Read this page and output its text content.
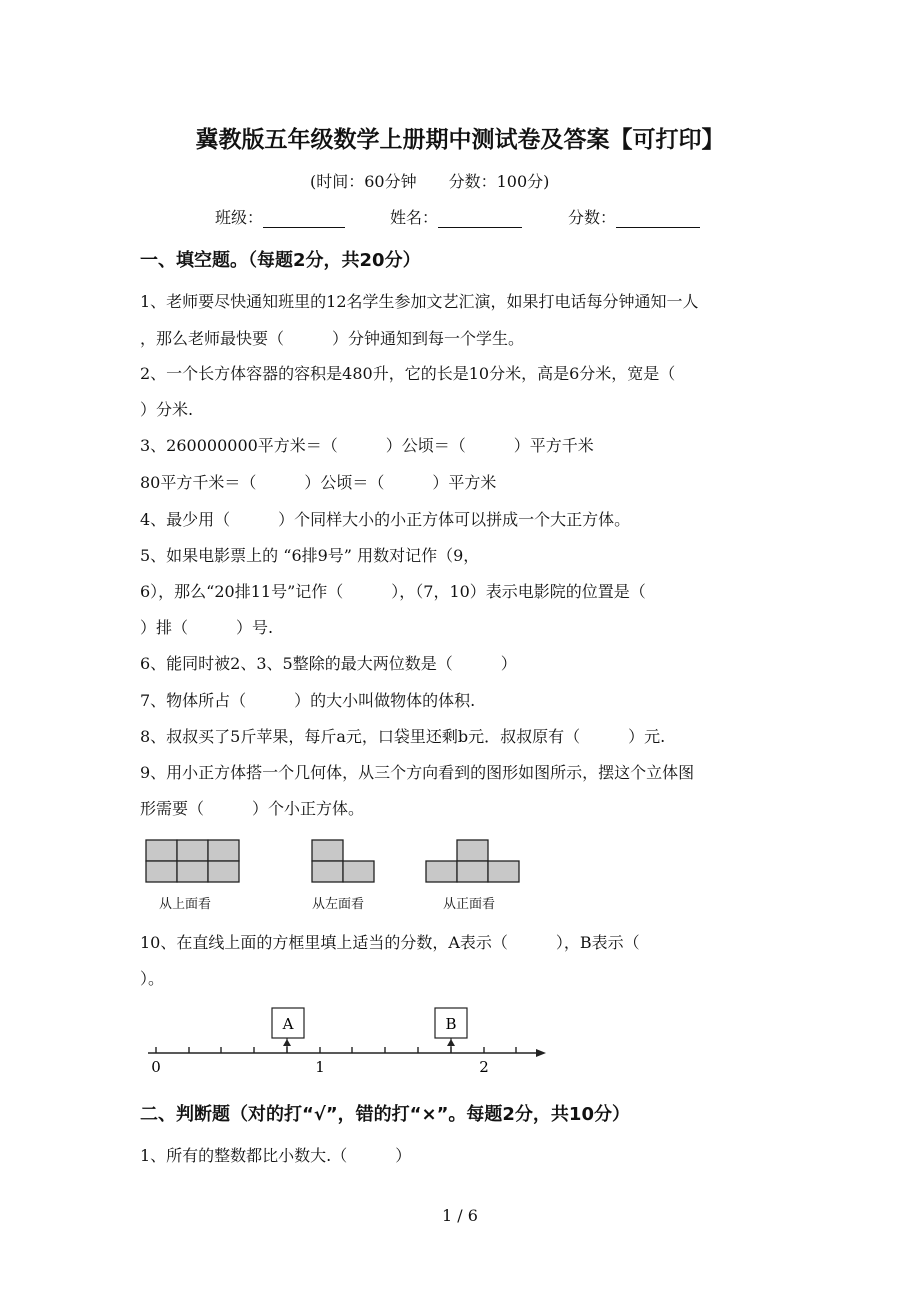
冀教版五年级数学上册期中测试卷及答案【可打印】
(时间：60分钟　　分数：100分)
班级：	姓名：	分数：
一、填空题。（每题2分，共20分）
1、老师要尽快通知班里的12名学生参加文艺汇演，如果打电话每分钟通知一人
，那么老师最快要（　　　）分钟通知到每一个学生。
2、一个长方体容器的容积是480升，它的长是10分米，高是6分米，宽是（
）分米.
3、260000000平方米＝（　　　）公顷＝（　　　）平方千米
80平方千米＝（　　　）公顷＝（　　　）平方米
4、最少用（　　　）个同样大小的小正方体可以拼成一个大正方体。
5、如果电影票上的 “6排9号” 用数对记作（9，
6），那么“20排11号”记作（　　　），（7，10）表示电影院的位置是（
）排（　　　）号.
6、能同时被2、3、5整除的最大两位数是（　　　）
7、物体所占（　　　）的大小叫做物体的体积.
8、叔叔买了5斤苹果，每斤a元，口袋里还剩b元．叔叔原有（　　　）元.
9、用小正方体搭一个几何体，从三个方向看到的图形如图所示，摆这个立体图
形需要（　　　）个小正方体。
从上面看	从左面看	从正面看
10、在直线上面的方框里填上适当的分数，A表示（　　　），B表示（
）。
A	B
0	1	2
二、判断题（对的打“√”，错的打“×”。每题2分，共10分）
1、所有的整数都比小数大.（　　　）
1 / 6
